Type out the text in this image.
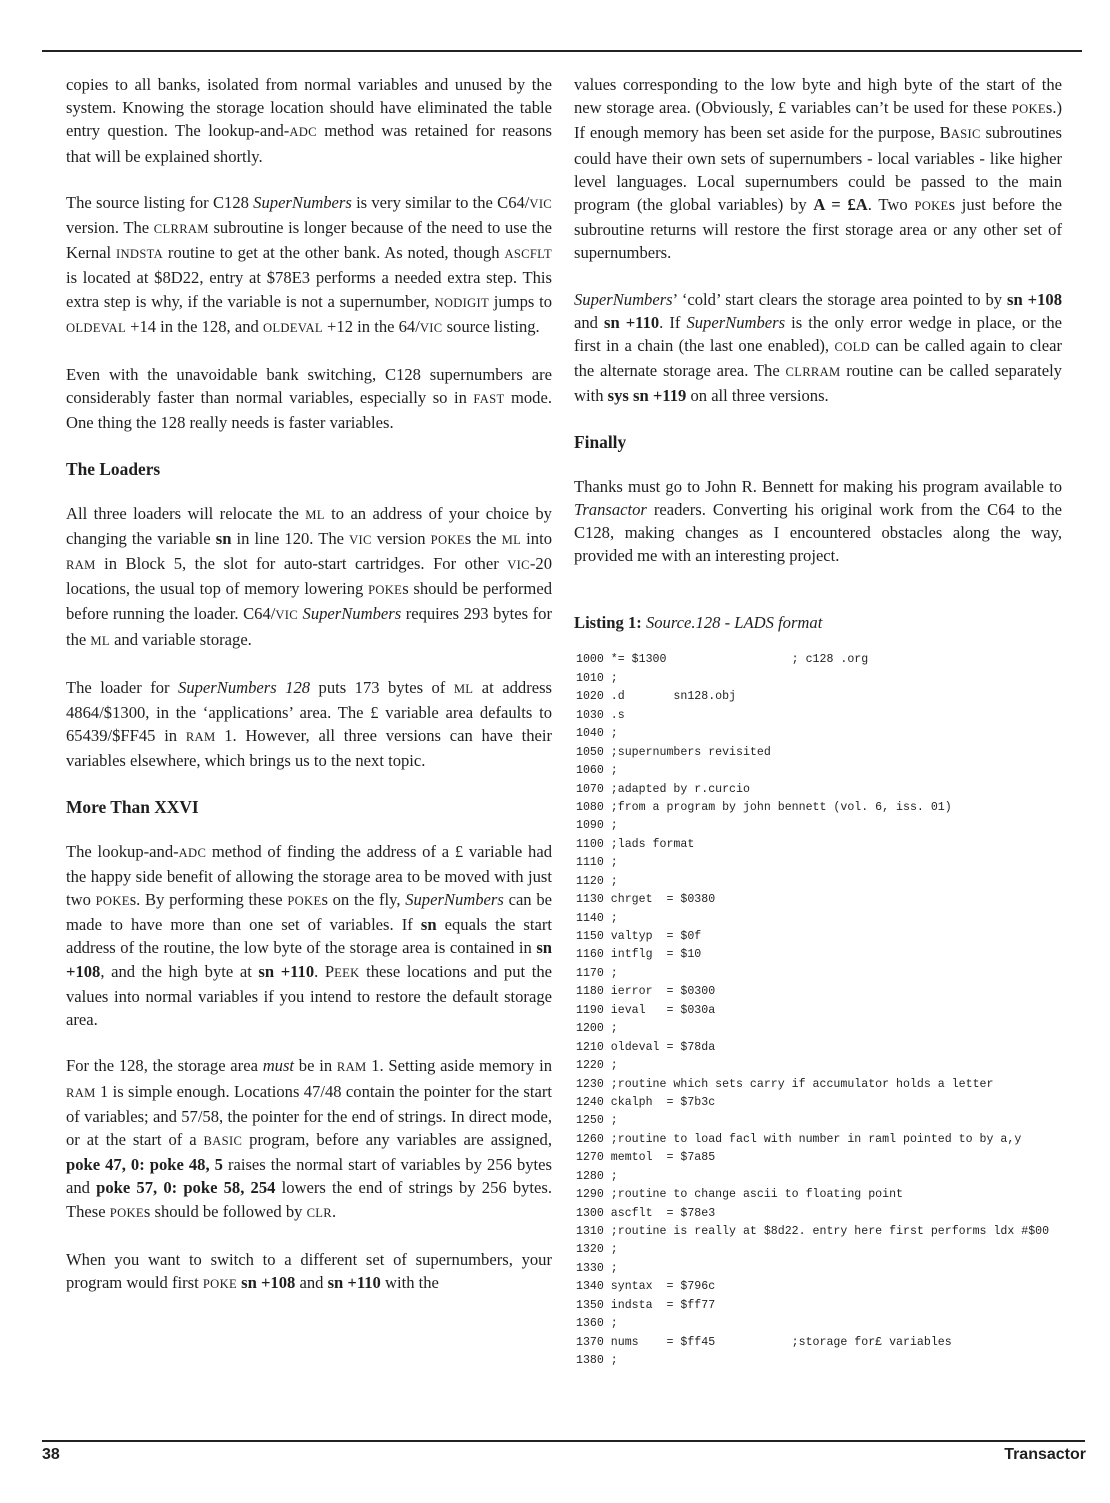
copies to all banks, isolated from normal variables and unused by the system. Knowing the storage location should have eliminated the table entry question. The lookup-and-ADC method was retained for reasons that will be explained shortly.

The source listing for C128 SuperNumbers is very similar to the C64/VIC version. The CLRRAM subroutine is longer because of the need to use the Kernal INDSTA routine to get at the other bank. As noted, though ASCFLT is located at $8D22, entry at $78E3 performs a needed extra step. This extra step is why, if the variable is not a supernumber, NODIGIT jumps to OLDEVAL +14 in the 128, and OLDEVAL +12 in the 64/VIC source listing.

Even with the unavoidable bank switching, C128 supernumbers are considerably faster than normal variables, especially so in FAST mode. One thing the 128 really needs is faster variables.

The Loaders

All three loaders will relocate the ML to an address of your choice by changing the variable sn in line 120. The VIC version POKEs the ML into RAM in Block 5, the slot for auto-start cartridges. For other VIC-20 locations, the usual top of memory lowering POKEs should be performed before running the loader. C64/VIC SuperNumbers requires 293 bytes for the ML and variable storage.

The loader for SuperNumbers 128 puts 173 bytes of ML at address 4864/$1300, in the ‘applications’ area. The £ variable area defaults to 65439/$FF45 in RAM 1. However, all three versions can have their variables elsewhere, which brings us to the next topic.

More Than XXVI

The lookup-and-ADC method of finding the address of a £ variable had the happy side benefit of allowing the storage area to be moved with just two POKEs. By performing these POKEs on the fly, SuperNumbers can be made to have more than one set of variables. If sn equals the start address of the routine, the low byte of the storage area is contained in sn +108, and the high byte at sn +110. PEEK these locations and put the values into normal variables if you intend to restore the default storage area.

For the 128, the storage area must be in RAM 1. Setting aside memory in RAM 1 is simple enough. Locations 47/48 contain the pointer for the start of variables; and 57/58, the pointer for the end of strings. In direct mode, or at the start of a BASIC program, before any variables are assigned, poke 47, 0: poke 48, 5 raises the normal start of variables by 256 bytes and poke 57, 0: poke 58, 254 lowers the end of strings by 256 bytes. These POKEs should be followed by CLR.

When you want to switch to a different set of supernumbers, your program would first POKE sn +108 and sn +110 with the

values corresponding to the low byte and high byte of the start of the new storage area. (Obviously, £ variables can’t be used for these POKEs.) If enough memory has been set aside for the purpose, BASIC subroutines could have their own sets of supernumbers - local variables - like higher level languages. Local supernumbers could be passed to the main program (the global variables) by A = £A. Two POKEs just before the subroutine returns will restore the first storage area or any other set of supernumbers.

SuperNumbers’ ‘cold’ start clears the storage area pointed to by sn +108 and sn +110. If SuperNumbers is the only error wedge in place, or the first in a chain (the last one enabled), COLD can be called again to clear the alternate storage area. The CLRRAM routine can be called separately with sys sn +119 on all three versions.

Finally

Thanks must go to John R. Bennett for making his program available to Transactor readers. Converting his original work from the C64 to the C128, making changes as I encountered obstacles along the way, provided me with an interesting project.

Listing 1: Source.128 - LADS format
1000 *= $1300                  ; c128 .org
1010 ;
1020 .d       sn128.obj
1030 .s
1040 ;
1050 ;supernumbers revisited
1060 ;
1070 ;adapted by r.curcio
1080 ;from a program by john bennett (vol. 6, iss. 01)
1090 ;
1100 ;lads format
1110 ;
1120 ;
1130 chrget  = $0380
1140 ;
1150 valtyp  = $0f
1160 intflg  = $10
1170 ;
1180 ierror  = $0300
1190 ieval   = $030a
1200 ;
1210 oldeval = $78da
1220 ;
1230 ;routine which sets carry if accumulator holds a letter
1240 ckalph  = $7b3c
1250 ;
1260 ;routine to load facl with number in raml pointed to by a,y
1270 memtol  = $7a85
1280 ;
1290 ;routine to change ascii to floating point
1300 ascflt  = $78e3
1310 ;routine is really at $8d22. entry here first performs ldx #$00
1320 ;
1330 ;
1340 syntax  = $796c
1350 indsta  = $ff77
1360 ;
1370 nums    = $ff45           ;storage for£ variables
1380 ;
38	Transactor
